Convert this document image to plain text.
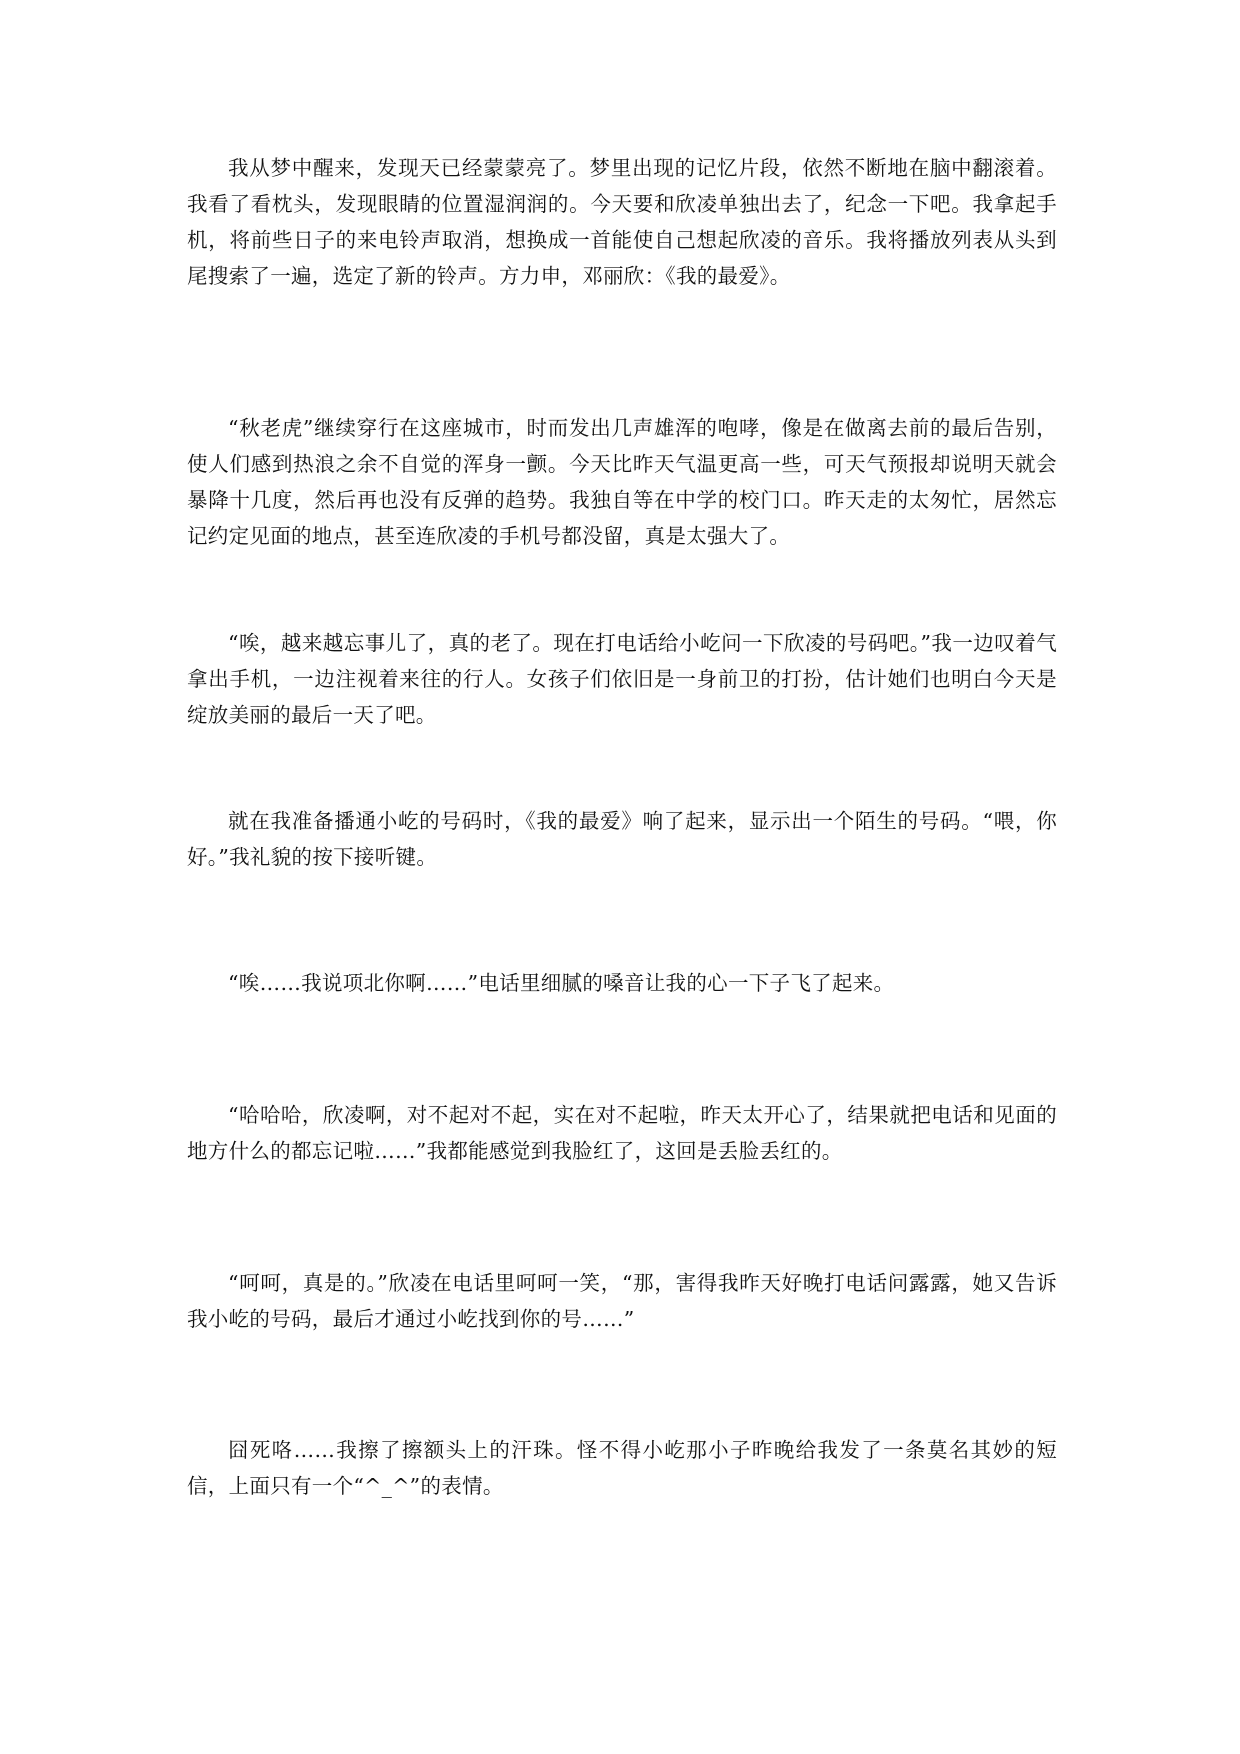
我从梦中醒来，发现天已经蒙蒙亮了。梦里出现的记忆片段，依然不断地在脑中翻滚着。我看了看枕头，发现眼睛的位置湿润润的。今天要和欣凌单独出去了，纪念一下吧。我拿起手机，将前些日子的来电铃声取消，想换成一首能使自己想起欣凌的音乐。我将播放列表从头到尾搜索了一遍，选定了新的铃声。方力申，邓丽欣：《我的最爱》。

“秋老虎”继续穿行在这座城市，时而发出几声雄浑的咆哮，像是在做离去前的最后告别，使人们感到热浪之余不自觉的浑身一颤。今天比昨天气温更高一些，可天气预报却说明天就会暴降十几度，然后再也没有反弹的趋势。我独自等在中学的校门口。昨天走的太匆忙，居然忘记约定见面的地点，甚至连欣凌的手机号都没留，真是太强大了。

“唉，越来越忘事儿了，真的老了。现在打电话给小屹问一下欣凌的号码吧。”我一边叹着气拿出手机，一边注视着来往的行人。女孩子们依旧是一身前卫的打扮，估计她们也明白今天是绽放美丽的最后一天了吧。

就在我准备播通小屹的号码时，《我的最爱》响了起来，显示出一个陌生的号码。“喂，你好。”我礼貌的按下接听键。

“唉……我说项北你啊……”电话里细腻的嗓音让我的心一下子飞了起来。

“哈哈哈，欣凌啊，对不起对不起，实在对不起啦，昨天太开心了，结果就把电话和见面的地方什么的都忘记啦……”我都能感觉到我脸红了，这回是丢脸丢红的。

“呵呵，真是的。”欣凌在电话里呵呵一笑，“那，害得我昨天好晚打电话问露露，她又告诉我小屹的号码，最后才通过小屹找到你的号……”

囧死咯……我擦了擦额头上的汗珠。怪不得小屹那小子昨晚给我发了一条莫名其妙的短信，上面只有一个“^_^”的表情。
